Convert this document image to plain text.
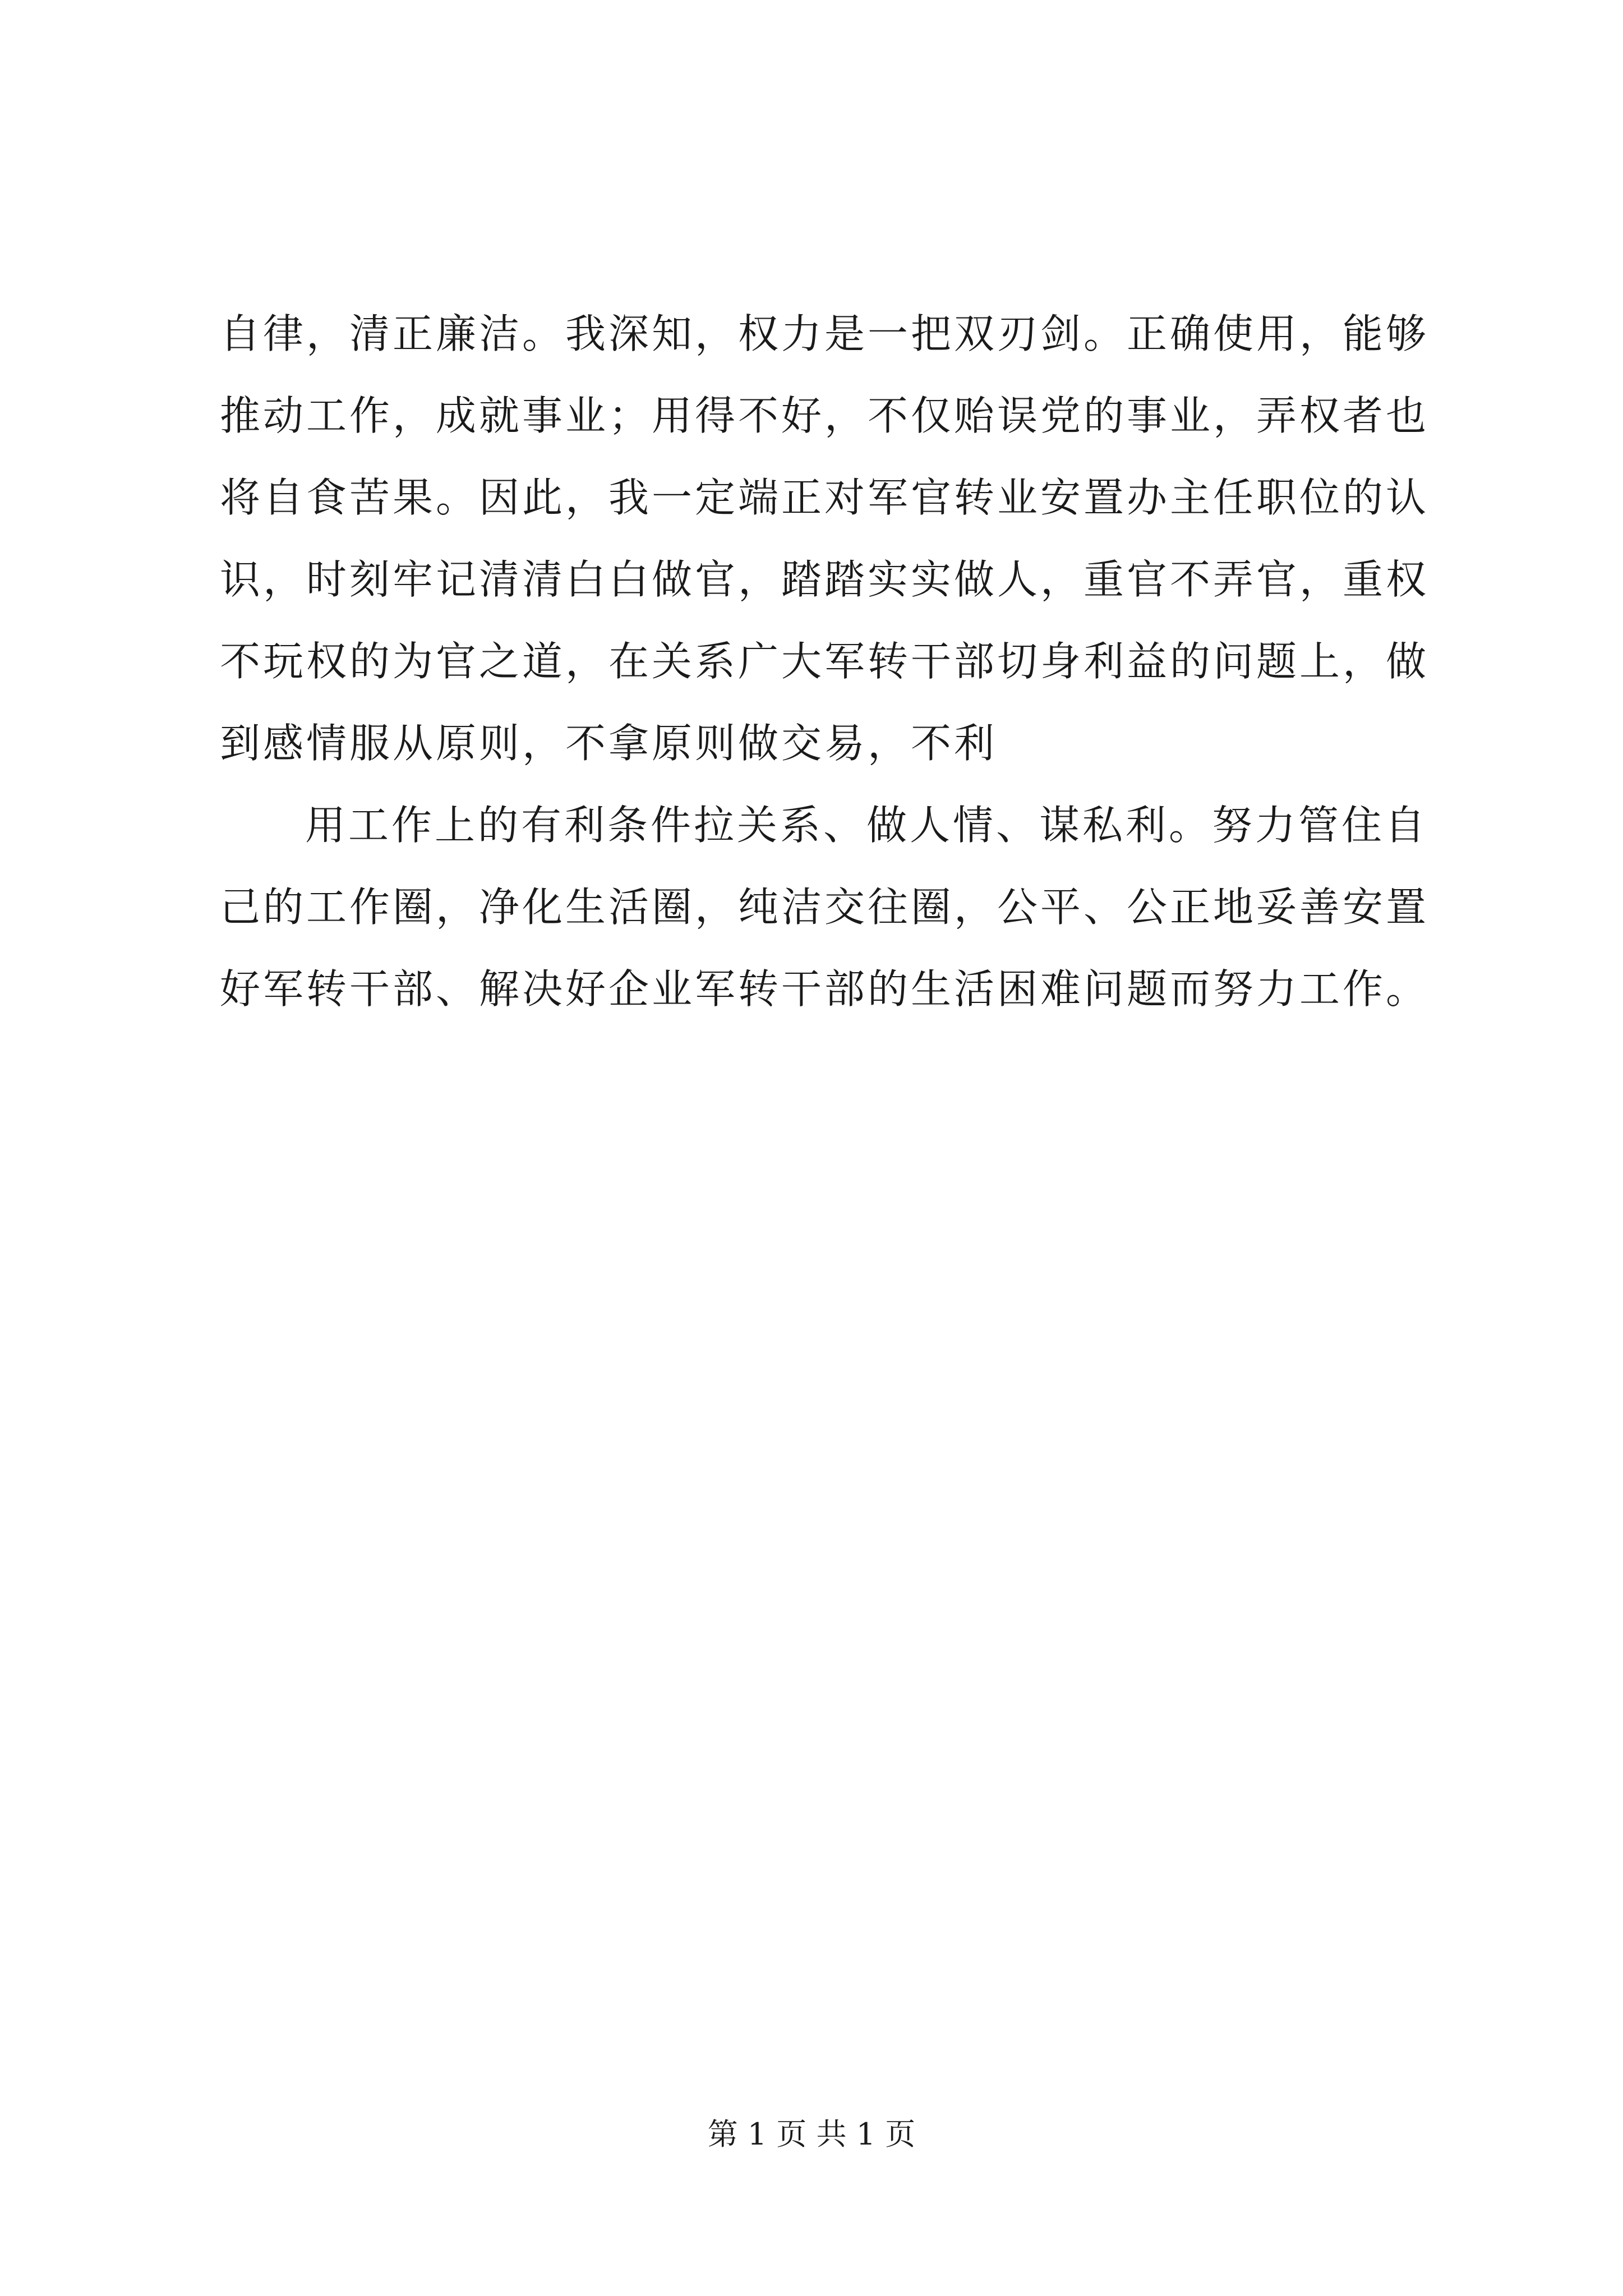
自律，清正廉洁。我深知，权力是一把双刃剑。正确使用，能够
推动工作，成就事业；用得不好，不仅贻误党的事业，弄权者也
将自食苦果。因此，我一定端正对军官转业安置办主任职位的认
识，时刻牢记清清白白做官，踏踏实实做人，重官不弄官，重权
不玩权的为官之道，在关系广大军转干部切身利益的问题上，做
到感情服从原则，不拿原则做交易，不利
用工作上的有利条件拉关系、做人情、谋私利。努力管住自
己的工作圈，净化生活圈，纯洁交往圈，公平、公正地妥善安置
好军转干部、解决好企业军转干部的生活困难问题而努力工作。
第 1 页 共 1 页
